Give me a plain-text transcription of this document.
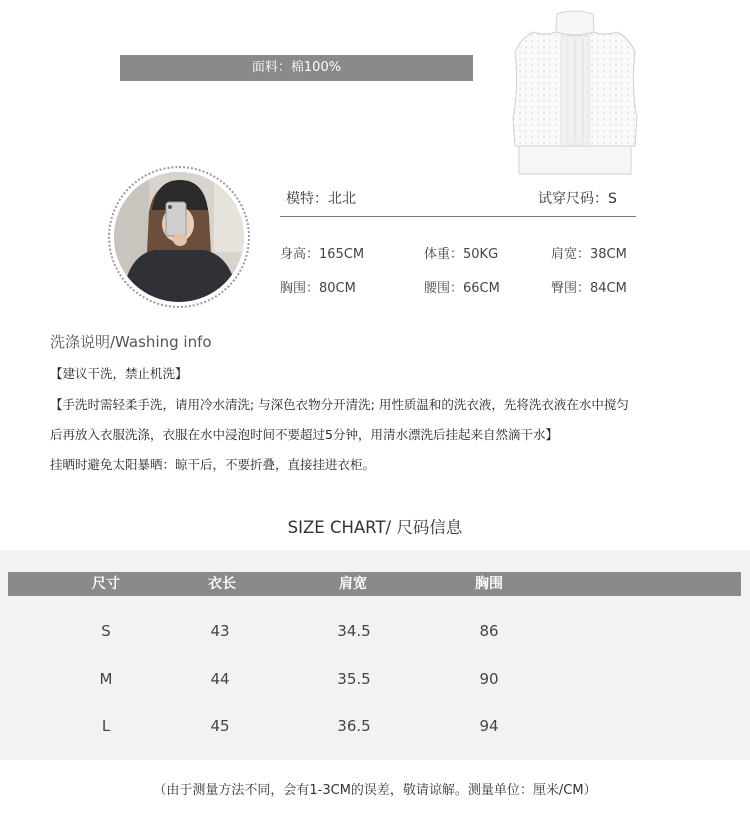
面料：棉100%
模特：北北	试穿尺码：S
身高：165CM	体重：50KG	肩宽：38CM
胸围：80CM	腰围：66CM	臀围：84CM
洗涤说明/Washing info
【建议干洗，禁止机洗】
【手洗时需轻柔手洗，请用冷水清洗; 与深色衣物分开清洗; 用性质温和的洗衣液，先将洗衣液在水中搅匀
后再放入衣服洗涤，衣服在水中浸泡时间不要超过5分钟，用清水漂洗后挂起来自然滴干水】
挂晒时避免太阳暴晒：晾干后，不要折叠，直接挂进衣柜。
SIZE CHART/ 尺码信息
尺寸	衣长	肩宽	胸围
S	43	34.5	86
M	44	35.5	90
L	45	36.5	94
（由于测量方法不同，会有1-3CM的误差，敬请谅解。测量单位：厘米/CM）
